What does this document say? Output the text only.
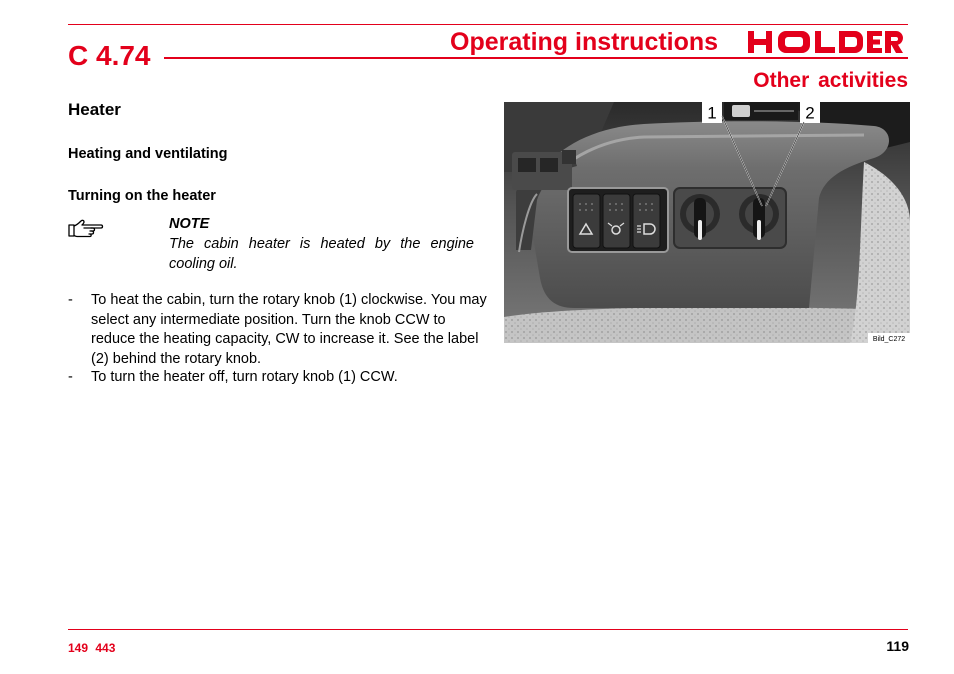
C 4.74	Operating instructions
Other activities
Heater
Heating and ventilating
Turning on the heater
NOTE
The cabin heater is heated by the engine cooling oil.
- To heat the cabin, turn the rotary knob (1) clockwise. You may select any intermediate position. Turn the knob CCW to reduce the heating capacity, CW to increase it. See the label (2) behind the rotary knob.
- To turn the heater off, turn rotary knob (1) CCW.
1	2
Bild_C272
149 443	119
